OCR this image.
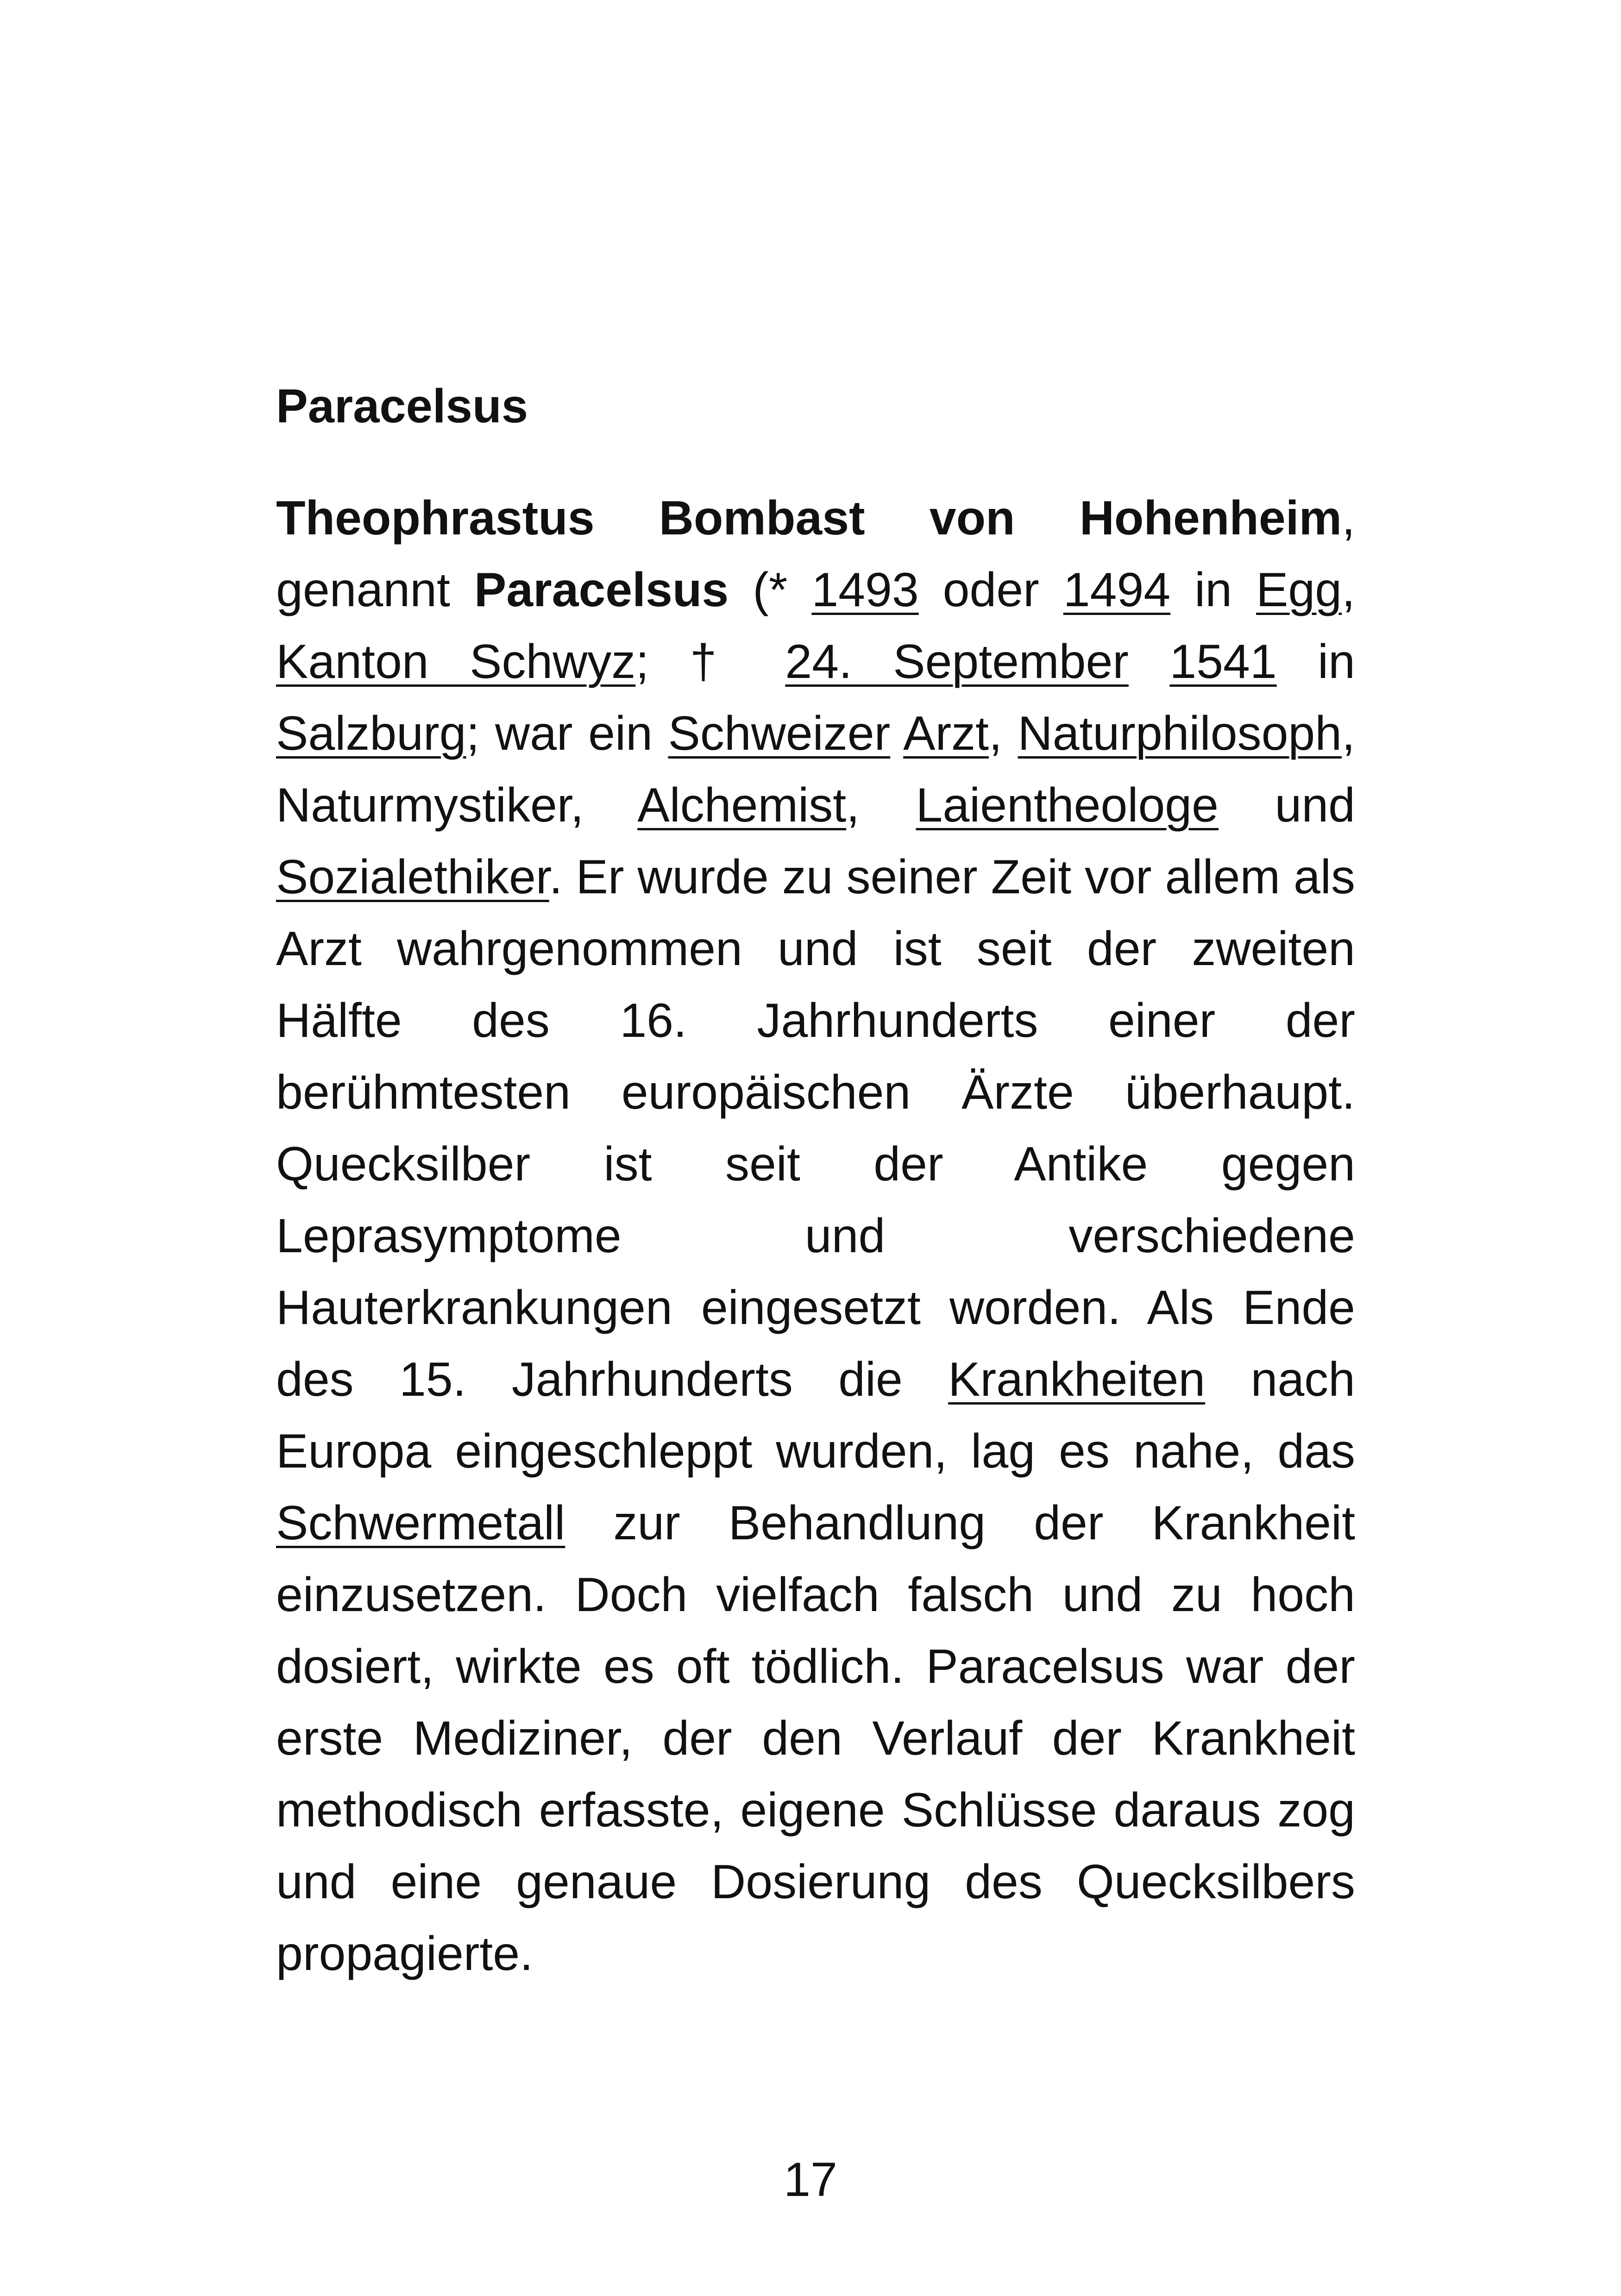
Paracelsus

Theophrastus Bombast von Hohenheim, genannt Paracelsus (* 1493 oder 1494 in Egg, Kanton Schwyz; † 24. September 1541 in Salzburg; war ein Schweizer Arzt, Naturphilosoph, Naturmystiker, Alchemist, Laientheologe und Sozialethiker. Er wurde zu seiner Zeit vor allem als Arzt wahrgenommen und ist seit der zweiten Hälfte des 16. Jahrhunderts einer der berühmtesten europäischen Ärzte überhaupt. Quecksilber ist seit der Antike gegen Leprasymptome und verschiedene Hauterkrankungen eingesetzt worden. Als Ende des 15. Jahrhunderts die Krankheiten nach Europa eingeschleppt wurden, lag es nahe, das Schwermetall zur Behandlung der Krankheit einzusetzen. Doch vielfach falsch und zu hoch dosiert, wirkte es oft tödlich. Paracelsus war der erste Mediziner, der den Verlauf der Krankheit methodisch erfasste, eigene Schlüsse daraus zog und eine genaue Dosierung des Quecksilbers propagierte.

17
